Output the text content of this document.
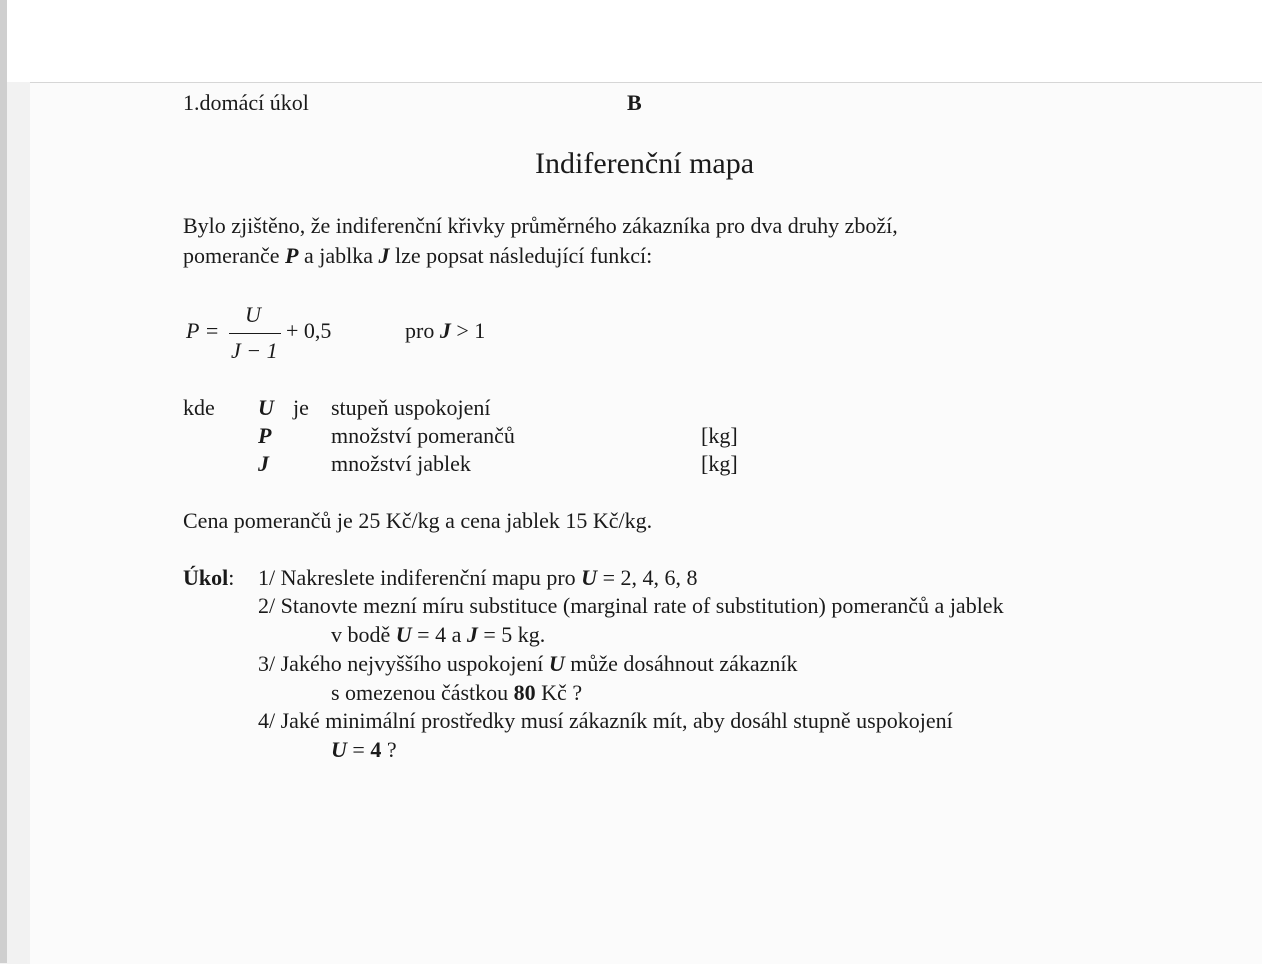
1.domácí úkol	B
Indiferenční mapa
Bylo zjištěno, že indiferenční křivky průměrného zákazníka pro dva druhy zboží,
pomeranče P a jablka J lze popsat následující funkcí:
P =
U
J − 1
+ 0,5	pro J > 1
kde U je stupeň uspokojení
P	množství pomerančů	[kg]
J	množství jablek	[kg]
Cena pomerančů je 25 Kč/kg a cena jablek 15 Kč/kg.
Úkol: 1/ Nakreslete indiferenční mapu pro U = 2, 4, 6, 8
2/ Stanovte mezní míru substituce (marginal rate of substitution) pomerančů a jablek
v bodě U = 4 a J = 5 kg.
3/ Jakého nejvyššího uspokojení U může dosáhnout zákazník
s omezenou částkou 80 Kč ?
4/ Jaké minimální prostředky musí zákazník mít, aby dosáhl stupně uspokojení
U = 4 ?
